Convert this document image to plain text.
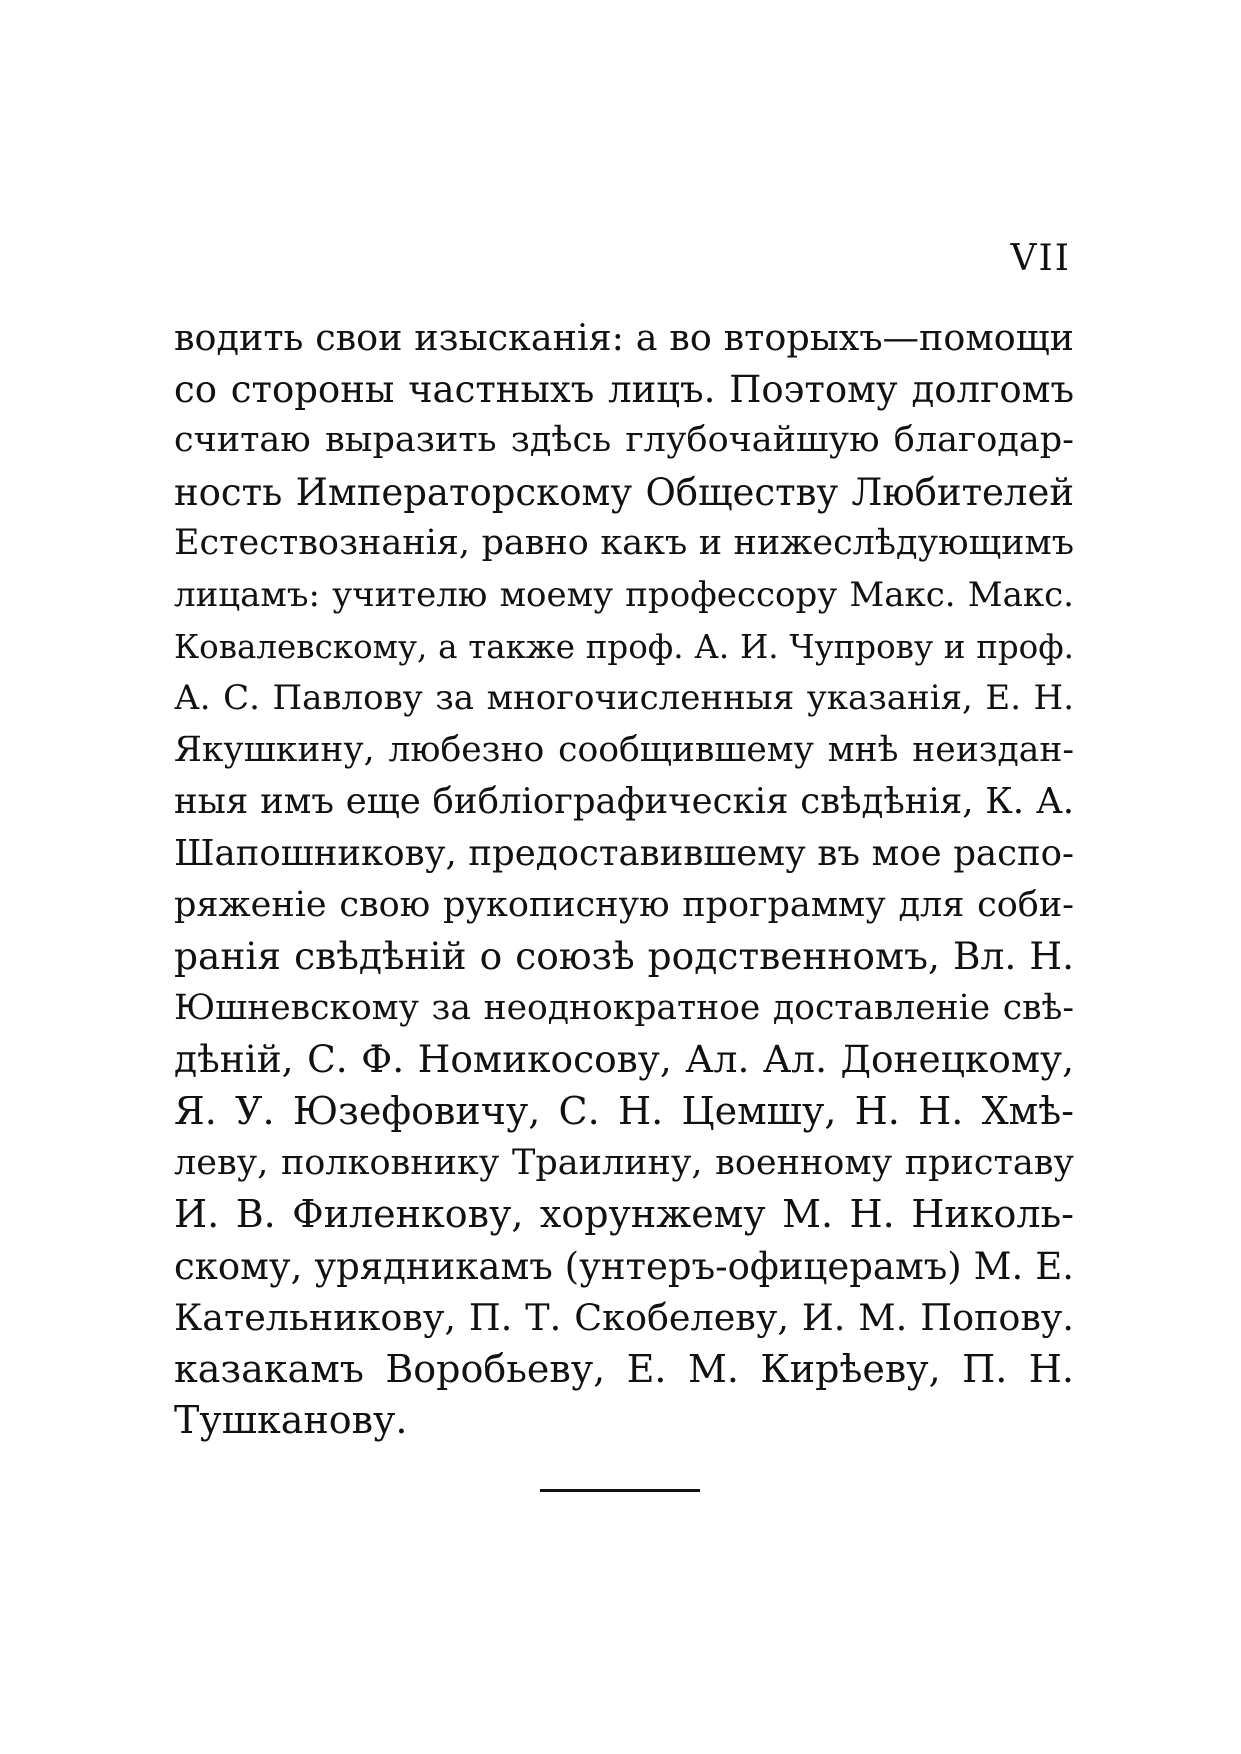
VII
водить свои изысканія: а во вторыхъ—помощи
со стороны частныхъ лицъ. Поэтому долгомъ
считаю выразить здѣсь глубочайшую благодар-
ность Императорскому Обществу Любителей
Естествознанія, равно какъ и нижеслѣдующимъ
лицамъ: учителю моему профессору Макс. Макс.
Ковалевскому, а также проф. А. И. Чупрову и проф.
А. С. Павлову за многочисленныя указанія, Е. Н.
Якушкину, любезно сообщившему мнѣ неиздан-
ныя имъ еще библіографическія свѣдѣнія, К. А.
Шапошникову, предоставившему въ мое распо-
ряженіе свою рукописную программу для соби-
ранія свѣдѣній о союзѣ родственномъ, Вл. Н.
Юшневскому за неоднократное доставленіе свѣ-
дѣній, С. Ф. Номикосову, Ал. Ал. Донецкому,
Я. У. Юзефовичу, С. Н. Цемшу, Н. Н. Хмѣ-
леву, полковнику Траилину, военному приставу
И. В. Филенкову, хорунжему М. Н. Николь-
скому, урядникамъ (унтеръ-офицерамъ) М. Е.
Кательникову, П. Т. Скобелеву, И. М. Попову.
казакамъ Воробьеву, Е. М. Кирѣеву, П. Н.
Тушканову.
